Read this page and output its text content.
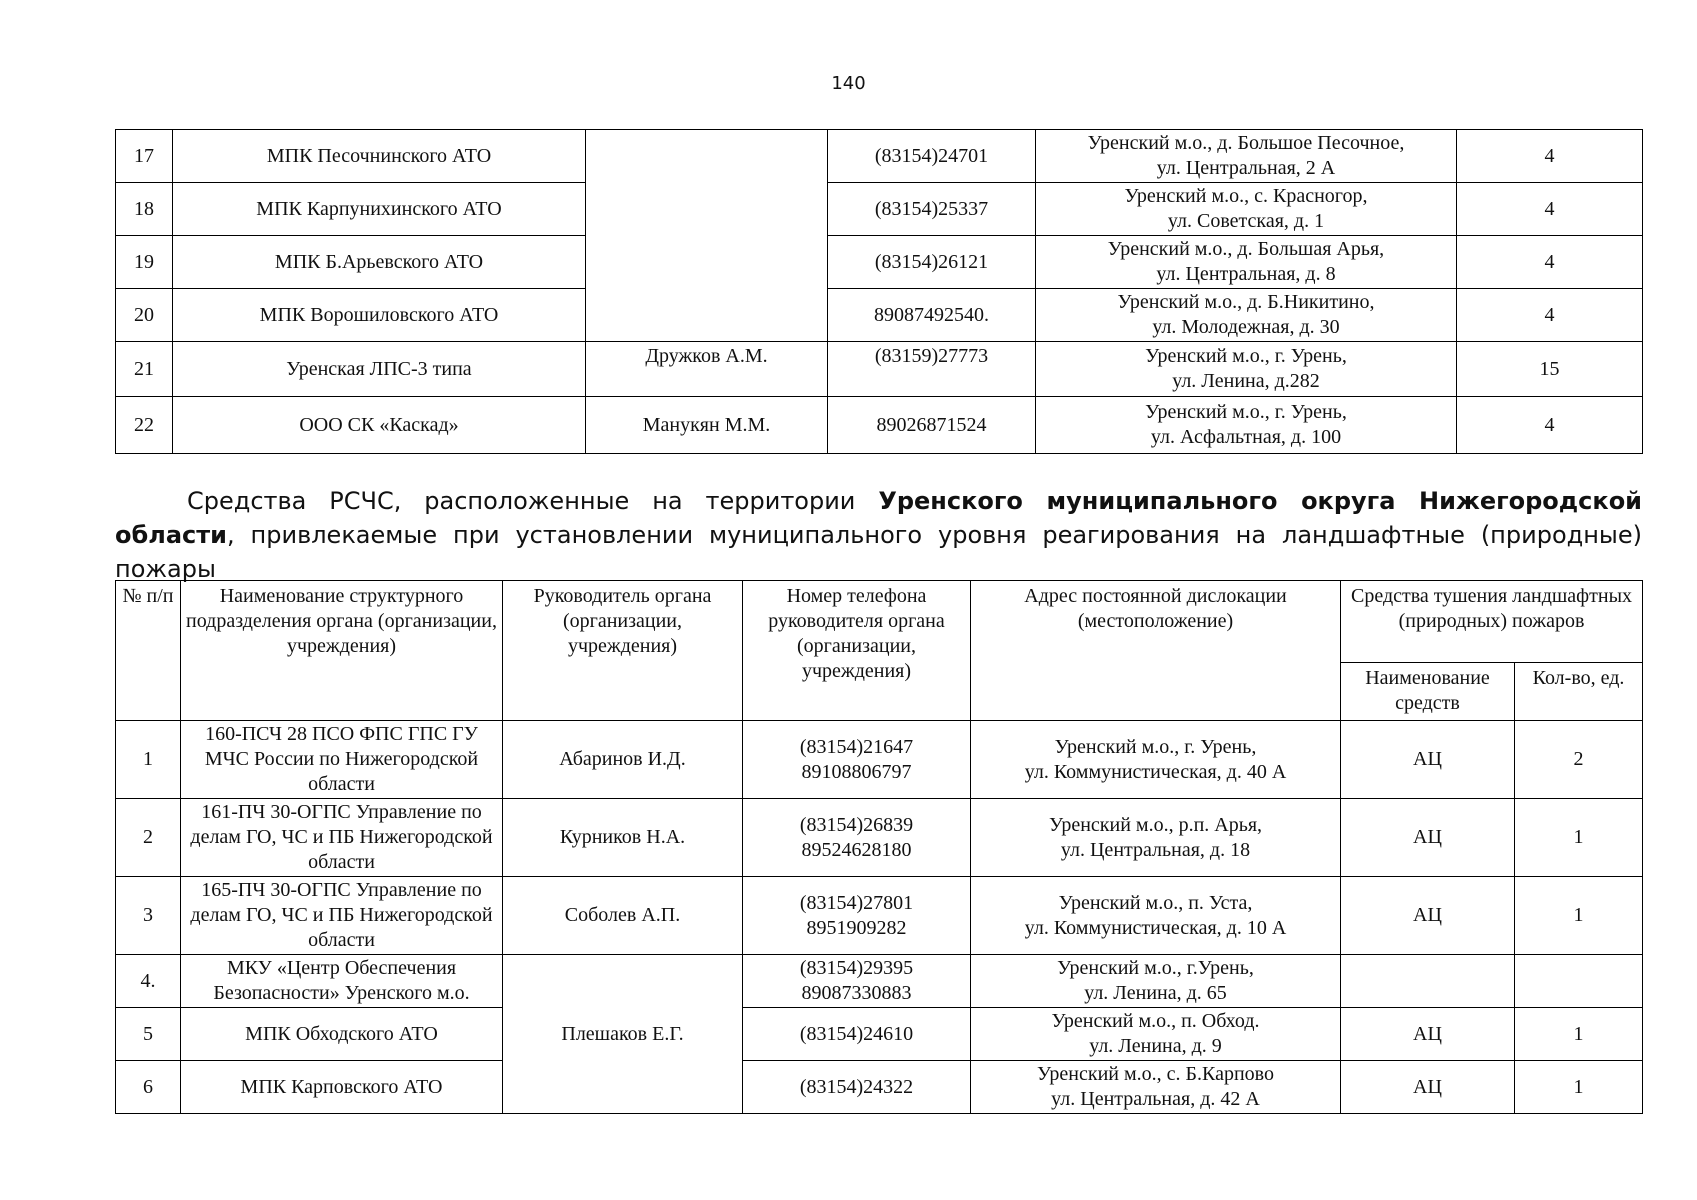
140
17	МПК Песочнинского АТО		(83154)24701	Уренский м.о., д. Большое Песочное,
ул. Центральная, 2 А	4
18	МПК Карпунихинского АТО		(83154)25337	Уренский м.о., с. Красногор,
ул. Советская, д. 1	4
19	МПК Б.Арьевского АТО		(83154)26121	Уренский м.о., д. Большая Арья,
ул. Центральная, д. 8	4
20	МПК Ворошиловского АТО		89087492540.	Уренский м.о., д. Б.Никитино,
ул. Молодежная, д. 30	4
21	Уренская ЛПС-3 типа	Дружков А.М.	(83159)27773	Уренский м.о., г. Урень,
ул. Ленина, д.282	15
22	ООО СК «Каскад»	Манукян М.М.	89026871524	Уренский м.о., г. Урень,
ул. Асфальтная, д. 100	4
Средства РСЧС, расположенные на территории Уренского муниципального округа Нижегородской области, привлекаемые при установлении муниципального уровня реагирования на ландшафтные (природные) пожары
№ п/п	Наименование структурного подразделения органа (организации, учреждения)	Руководитель органа (организации, учреждения)	Номер телефона руководителя органа (организации, учреждения)	Адрес постоянной дислокации (местоположение)	Средства тушения ландшафтных (природных) пожаров	
					Наименование средств	Кол-во, ед.
1	160-ПСЧ 28 ПСО ФПС ГПС ГУ МЧС России по Нижегородской области	Абаринов И.Д.	(83154)21647
89108806797	Уренский м.о., г. Урень,
ул. Коммунистическая, д. 40 А	АЦ	2
2	161-ПЧ 30-ОГПС Управление по делам ГО, ЧС и ПБ Нижегородской области	Курников Н.А.	(83154)26839
89524628180	Уренский м.о., р.п. Арья,
ул. Центральная, д. 18	АЦ	1
3	165-ПЧ 30-ОГПС Управление по делам ГО, ЧС и ПБ Нижегородской области	Соболев А.П.	(83154)27801
8951909282	Уренский м.о., п. Уста,
ул. Коммунистическая, д. 10 А	АЦ	1
4.	МКУ «Центр Обеспечения Безопасности» Уренского м.о.	Плешаков Е.Г.	(83154)29395
89087330883	Уренский м.о., г.Урень,
ул. Ленина, д. 65		
5	МПК Обходского АТО		(83154)24610	Уренский м.о., п. Обход.
ул. Ленина, д. 9	АЦ	1
6	МПК Карповского АТО		(83154)24322	Уренский м.о., с. Б.Карпово
ул. Центральная, д. 42 А	АЦ	1
